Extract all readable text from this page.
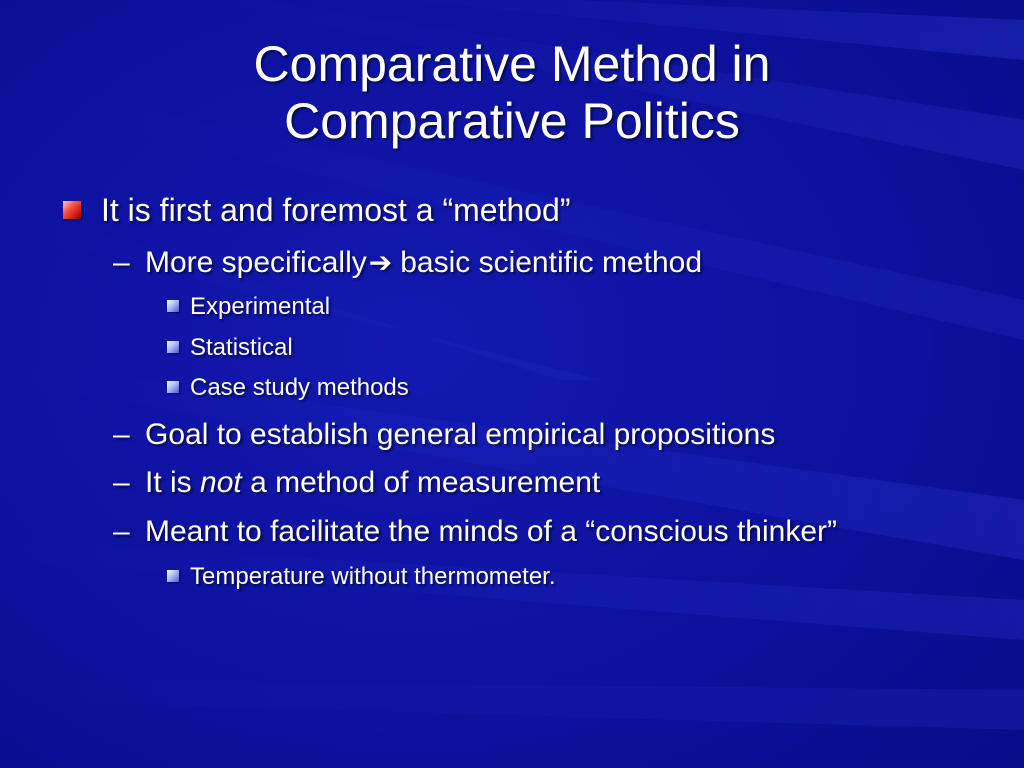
Comparative Method in
Comparative Politics
It is first and foremost a “method”
– More specifically➔ basic scientific method
Experimental
Statistical
Case study methods
– Goal to establish general empirical propositions
– It is not a method of measurement
– Meant to facilitate the minds of a “conscious thinker”
Temperature without thermometer.
